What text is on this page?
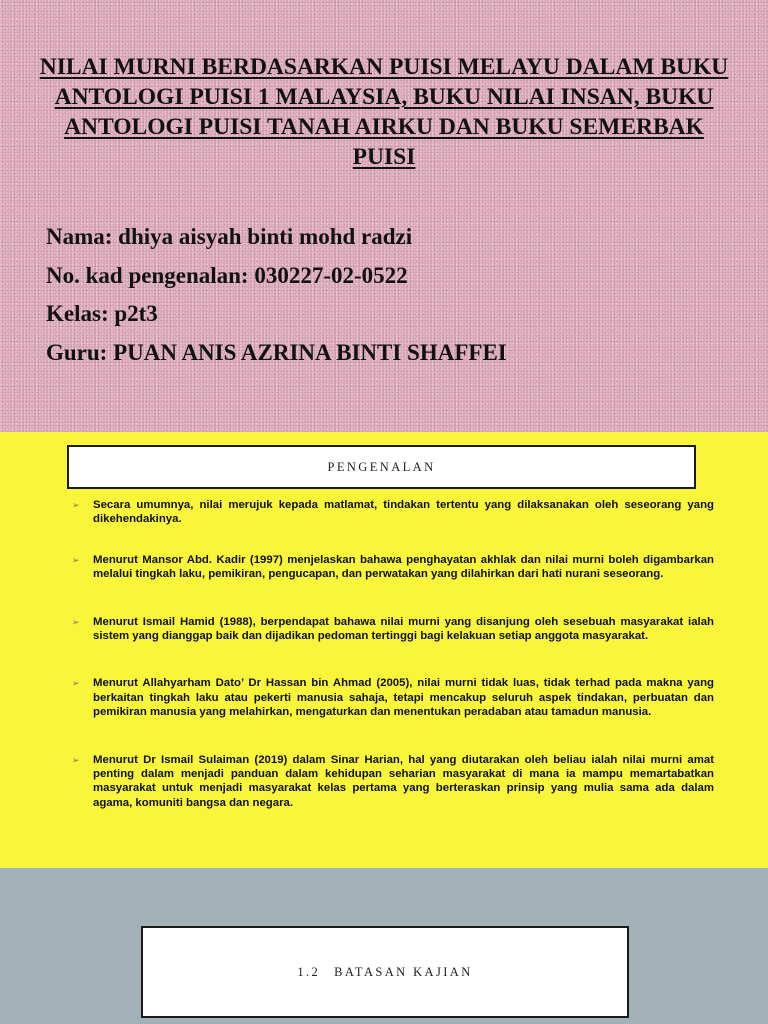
NILAI MURNI BERDASARKAN PUISI MELAYU DALAM BUKU ANTOLOGI PUISI 1 MALAYSIA, BUKU NILAI INSAN, BUKU ANTOLOGI PUISI TANAH AIRKU DAN BUKU SEMERBAK PUISI
Nama: dhiya aisyah binti mohd radzi
No. kad pengenalan: 030227-02-0522
Kelas: p2t3
Guru: PUAN ANIS AZRINA BINTI SHAFFEI
PENGENALAN
➢ Secara umumnya, nilai merujuk kepada matlamat, tindakan tertentu yang dilaksanakan oleh seseorang yang dikehendakinya.
➢ Menurut Mansor Abd. Kadir (1997) menjelaskan bahawa penghayatan akhlak dan nilai murni boleh digambarkan melalui tingkah laku, pemikiran, pengucapan, dan perwatakan yang dilahirkan dari hati nurani seseorang.
➢ Menurut Ismail Hamid (1988), berpendapat bahawa nilai murni yang disanjung oleh sesebuah masyarakat ialah sistem yang dianggap baik dan dijadikan pedoman tertinggi bagi kelakuan setiap anggota masyarakat.
➢ Menurut Allahyarham Dato’ Dr Hassan bin Ahmad (2005), nilai murni tidak luas, tidak terhad pada makna yang berkaitan tingkah laku atau pekerti manusia sahaja, tetapi mencakup seluruh aspek tindakan, perbuatan dan pemikiran manusia yang melahirkan, mengaturkan dan menentukan peradaban atau tamadun manusia.
➢ Menurut Dr Ismail Sulaiman (2019) dalam Sinar Harian, hal yang diutarakan oleh beliau ialah nilai murni amat penting dalam menjadi panduan dalam kehidupan seharian masyarakat di mana ia mampu memartabatkan masyarakat untuk menjadi masyarakat kelas pertama yang berteraskan prinsip yang mulia sama ada dalam agama, komuniti bangsa dan negara.
1.2 BATASAN KAJIAN
